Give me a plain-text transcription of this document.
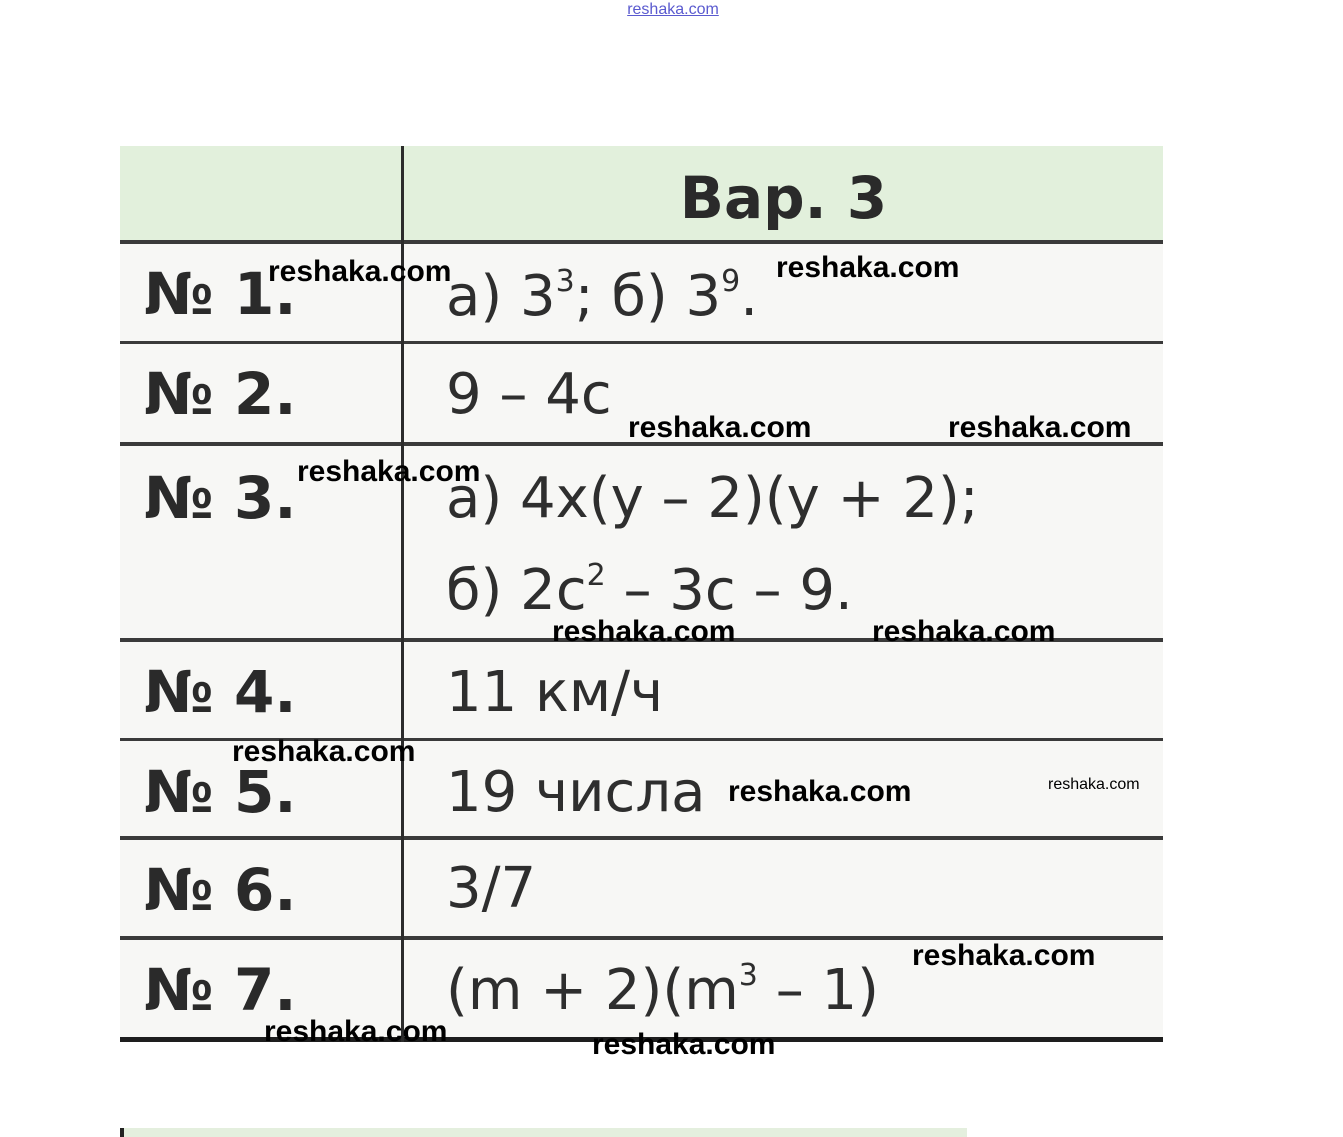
reshaka.com
Вар. 3
№ 1.	а) $3^3$; б) $3^9$.
№ 2.	9 – 4с
№ 3.	а) 4x(y – 2)(y + 2);
б) $2с^2 - 3с - 9$.
№ 4.	11 км/ч
№ 5.	19 числа
№ 6.	3/7
№ 7.	$(m + 2)(m^3 - 1)$
reshaka.com	reshaka.com
reshaka.com	reshaka.com
reshaka.com
reshaka.com	reshaka.com
reshaka.com
reshaka.com	reshaka.com
reshaka.com
reshaka.com	reshaka.com
